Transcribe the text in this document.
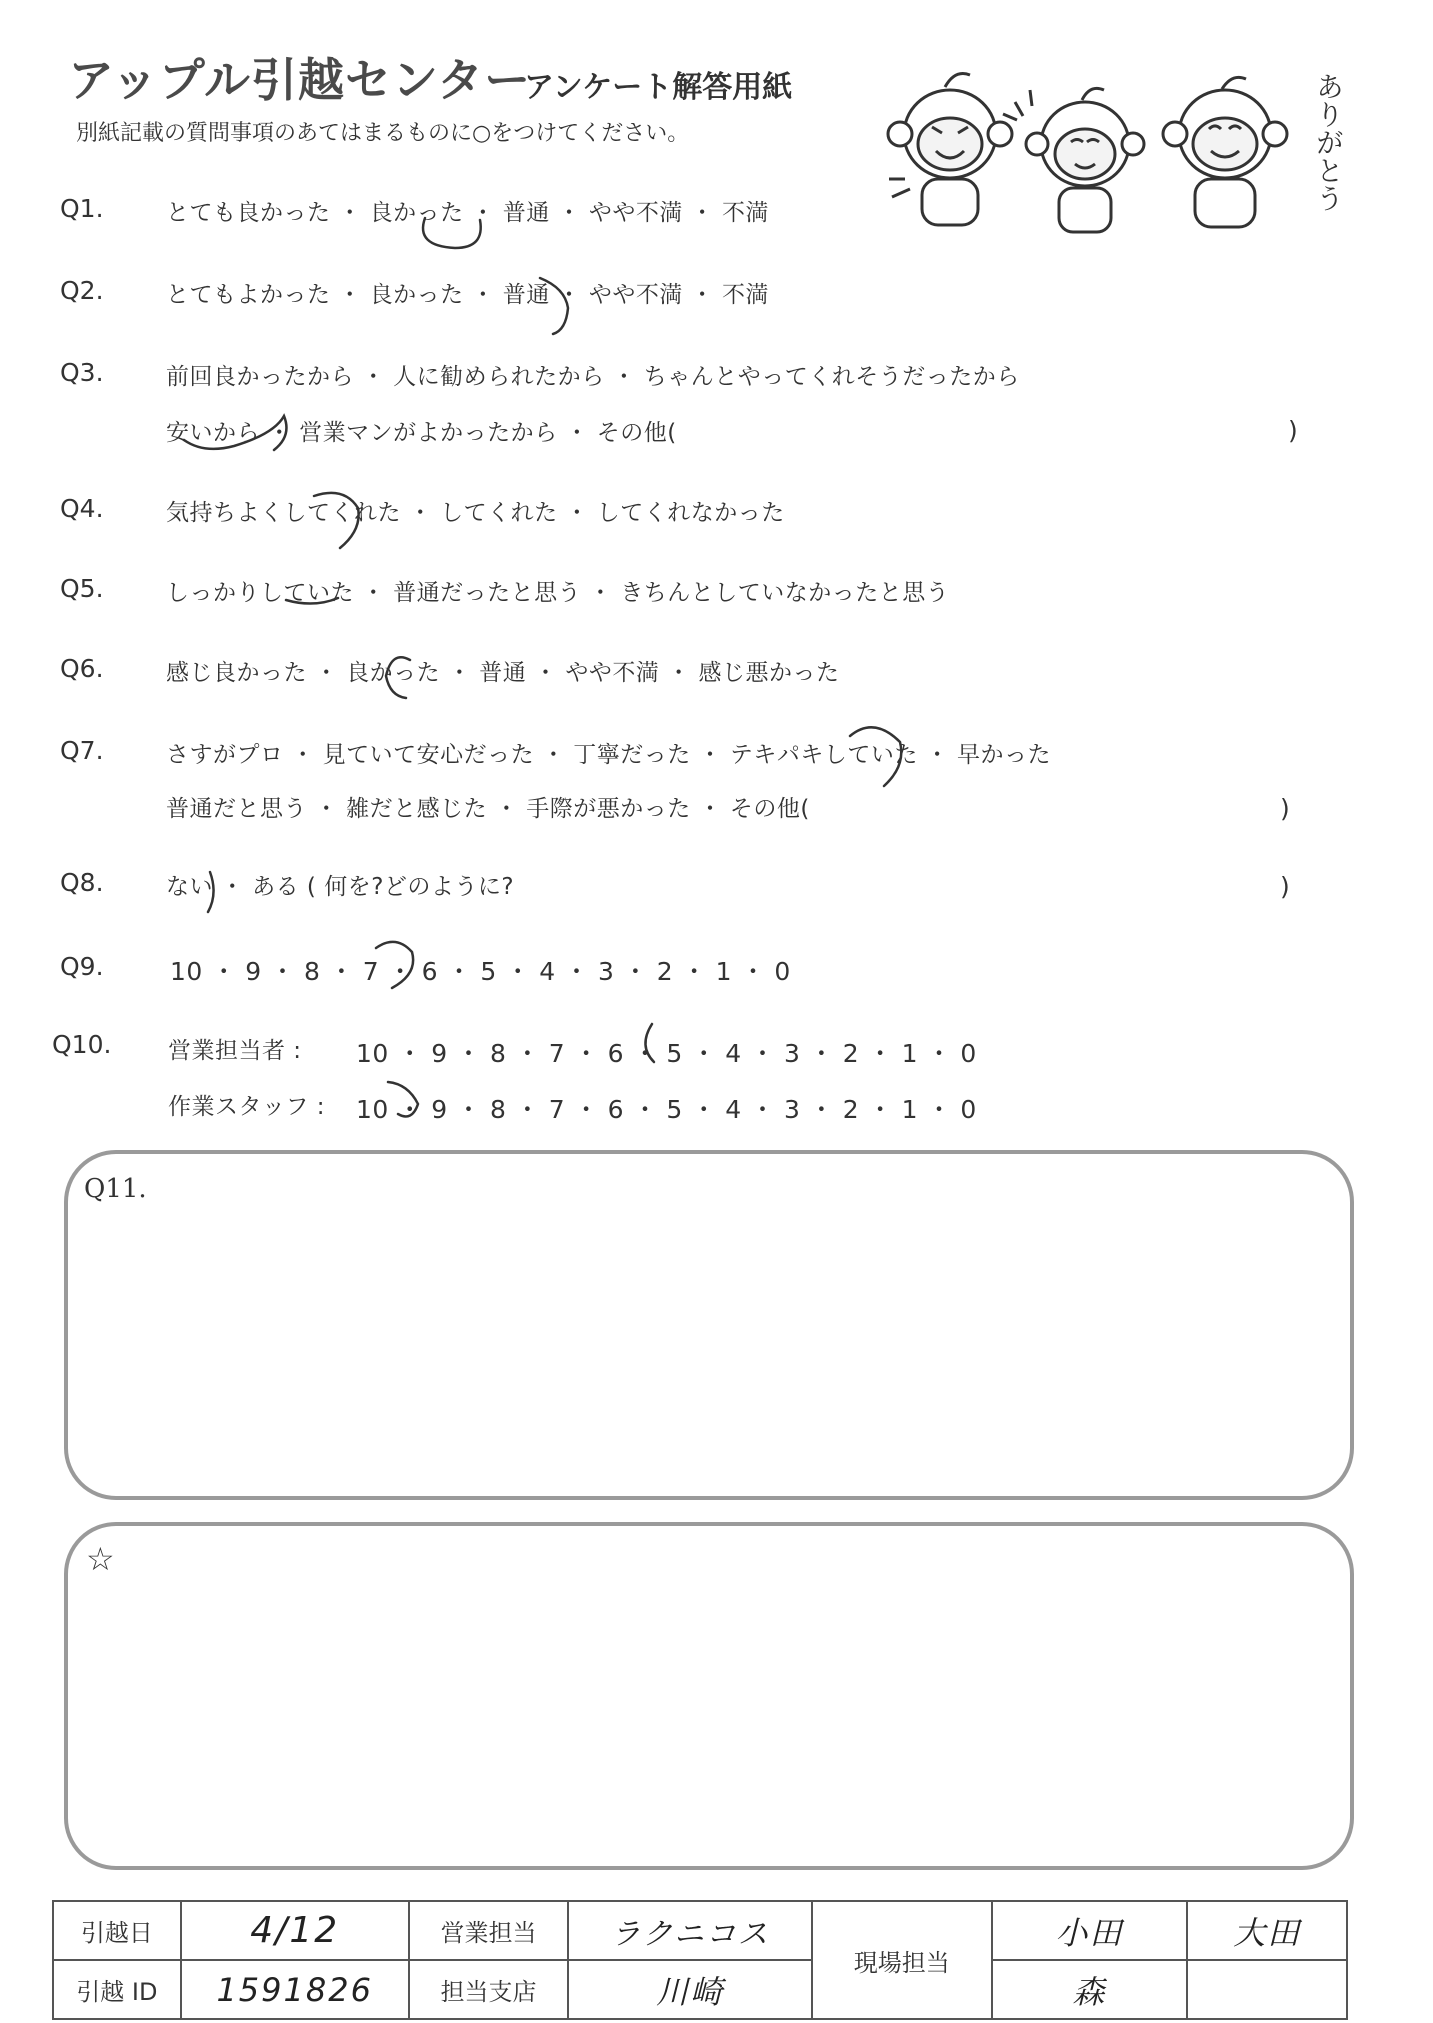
アップル引越センター
アンケート解答用紙
別紙記載の質問事項のあてはまるものに○をつけてください。	ありがとう
Q1.	とても良かった ・ 良かった ・ 普通 ・ やや不満 ・ 不満
Q2.	とてもよかった ・ 良かった ・ 普通 ・ やや不満 ・ 不満
Q3.	前回良かったから ・ 人に勧められたから ・ ちゃんとやってくれそうだったから
安いから ・ 営業マンがよかったから ・ その他(	)
Q4.	気持ちよくしてくれた ・ してくれた ・ してくれなかった
Q5.	しっかりしていた ・ 普通だったと思う ・ きちんとしていなかったと思う
Q6.	感じ良かった ・ 良かった ・ 普通 ・ やや不満 ・ 感じ悪かった
Q7.	さすがプロ ・ 見ていて安心だった ・ 丁寧だった ・ テキパキしていた ・ 早かった
普通だと思う ・ 雑だと感じた ・ 手際が悪かった ・ その他(	)
Q8.	ない ・ ある ( 何を?どのように?	)
Q9.	10 ・ 9 ・ 8 ・ 7 ・ 6 ・ 5 ・ 4 ・ 3 ・ 2 ・ 1 ・ 0
Q10. 営業担当者 : 10 ・ 9 ・ 8 ・ 7 ・ 6 ・ 5 ・ 4 ・ 3 ・ 2 ・ 1 ・ 0
作業スタッフ : 10 ・ 9 ・ 8 ・ 7 ・ 6 ・ 5 ・ 4 ・ 3 ・ 2 ・ 1 ・ 0
Q11.
☆
引越日	4/12	営業担当	ラクニコス	現場担当	小田	大田
引越 ID	1591826	担当支店	川崎		森	
